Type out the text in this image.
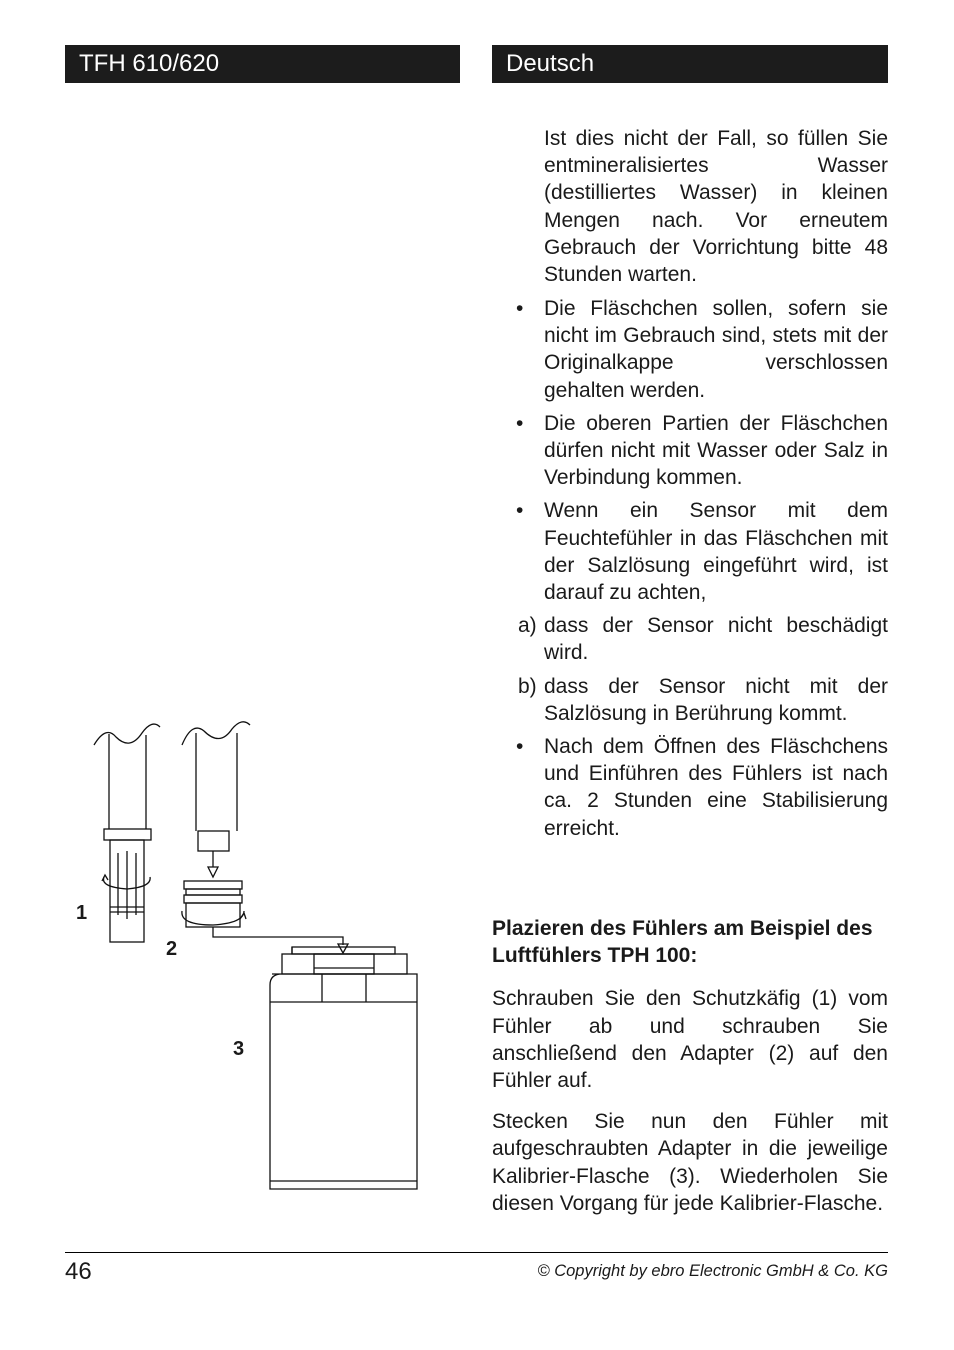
TFH 610/620	Deutsch
1
2
3

Ist dies nicht der Fall, so füllen Sie entmineralisiertes Wasser (destilliertes Wasser) in kleinen Mengen nach. Vor erneutem Gebrauch der Vorrichtung bitte 48 Stunden warten.

• Die Fläschchen sollen, sofern sie nicht im Gebrauch sind, stets mit der Originalkappe verschlossen gehalten werden.

• Die oberen Partien der Fläschchen dürfen nicht mit Wasser oder Salz in Verbindung kommen.

• Wenn ein Sensor mit dem Feuchtefühler in das Fläschchen mit der Salzlösung eingeführt wird, ist darauf zu achten,

a) dass der Sensor nicht beschädigt wird.

b) dass der Sensor nicht mit der Salzlösung in Berührung kommt.

• Nach dem Öffnen des Fläschchens und Einführen des Fühlers ist nach ca. 2 Stunden eine Stabilisierung erreicht.

Plazieren des Fühlers am Beispiel des Luftfühlers TPH 100:

Schrauben Sie den Schutzkäfig (1) vom Fühler ab und schrauben Sie anschließend den Adapter (2) auf den Fühler auf.

Stecken Sie nun den Fühler mit aufgeschraubten Adapter in die jeweilige Kalibrier-Flasche (3). Wiederholen Sie diesen Vorgang für jede Kalibrier-Flasche.

46	© Copyright by ebro Electronic GmbH & Co. KG
